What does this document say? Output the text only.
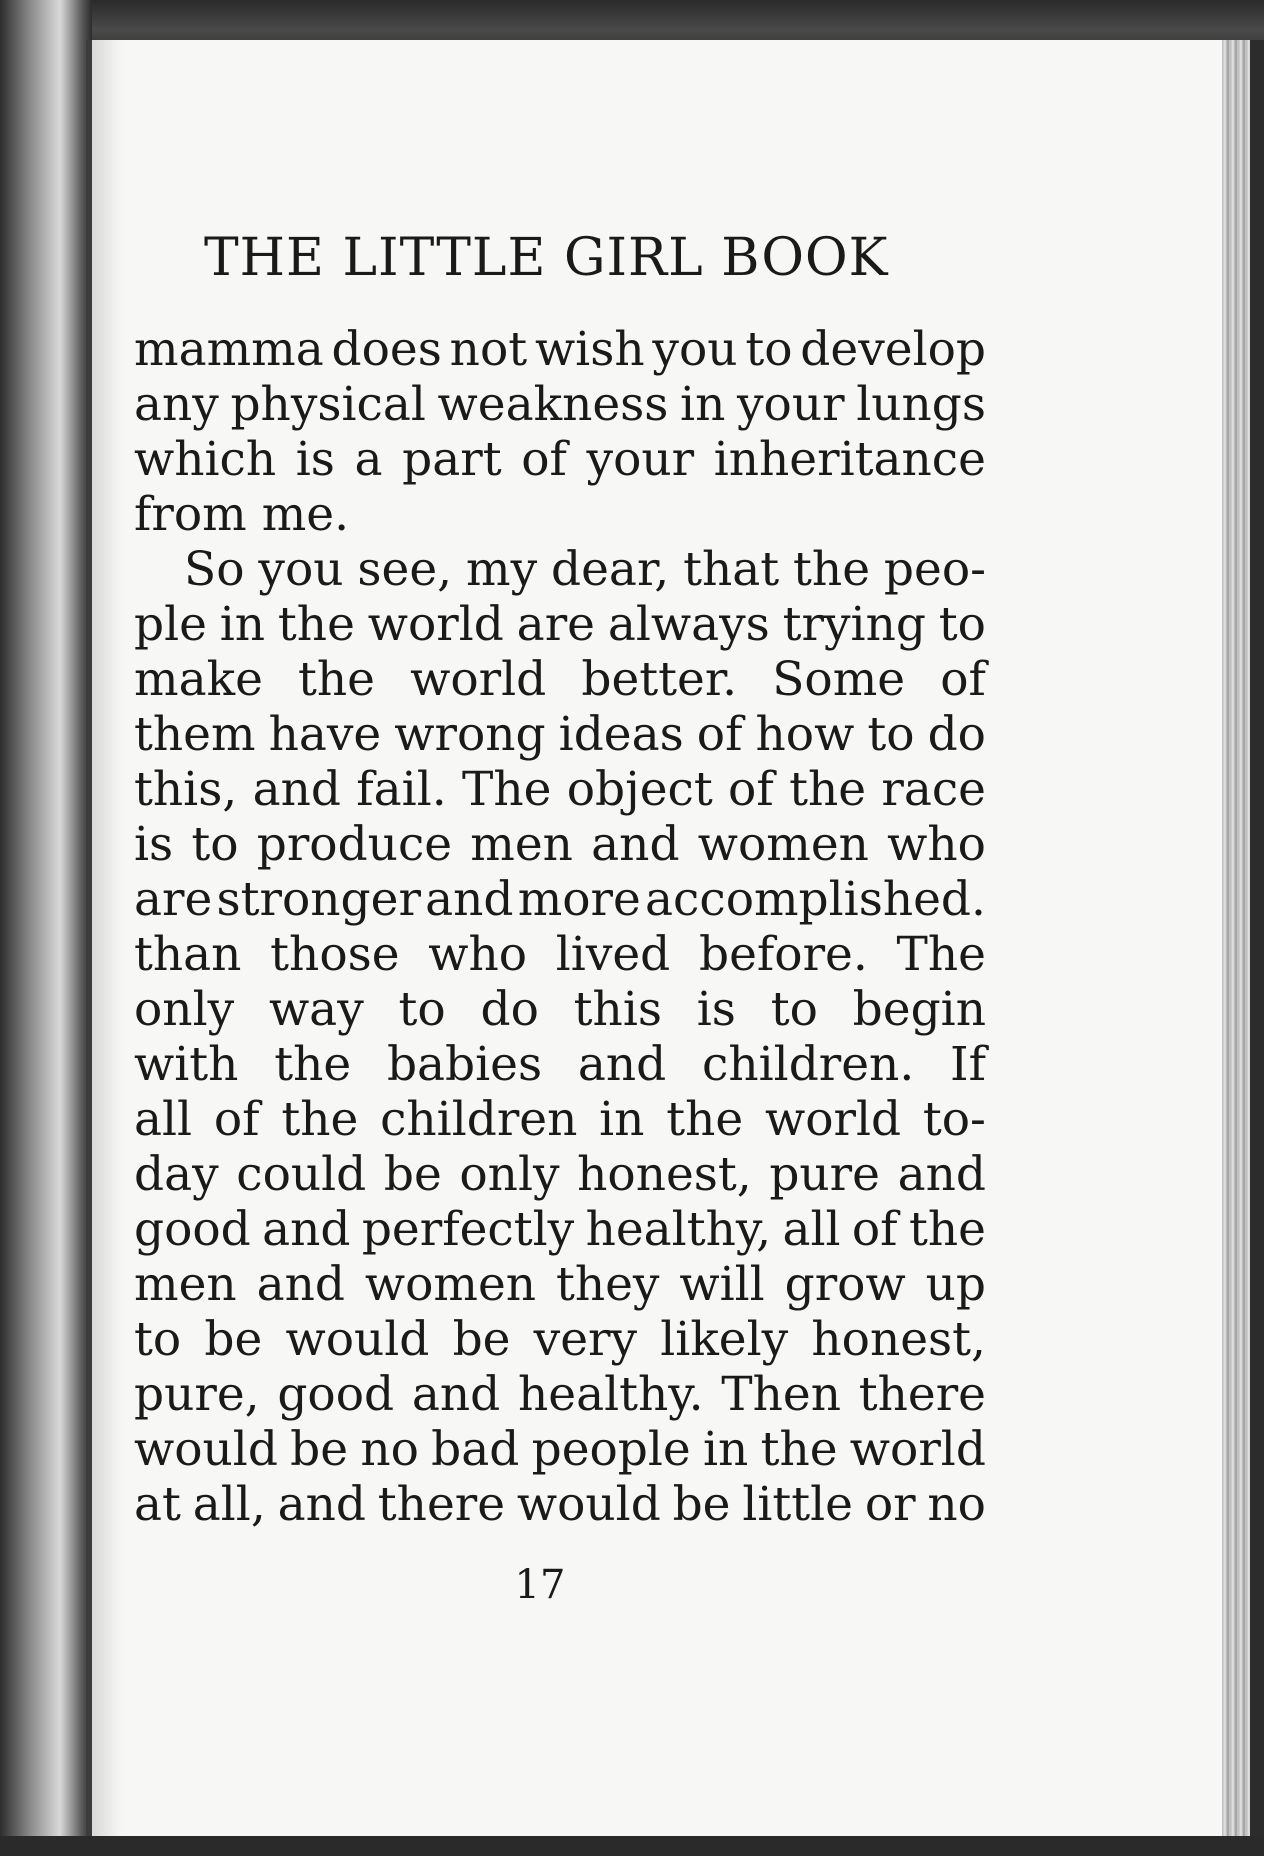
THE LITTLE GIRL BOOK
mamma does not wish you to develop
any physical weakness in your lungs
which is a part of your inheritance
from
me.
So you see, my dear, that the peo-
ple in the world are always trying to
make the world better. Some of
them have wrong ideas of how to do
this, and fail. The object of the race
is to produce men and women who
are stronger and more accomplished.
than those who lived before. The
only way to do this is to begin
with the babies and children. If
all of the children in the world to-
day could be only honest, pure and
good and perfectly healthy, all of the
men and women they will grow up
to be would be very likely honest,
pure, good and healthy. Then there
would be no bad people in the world
at all, and there would be little or no
17
